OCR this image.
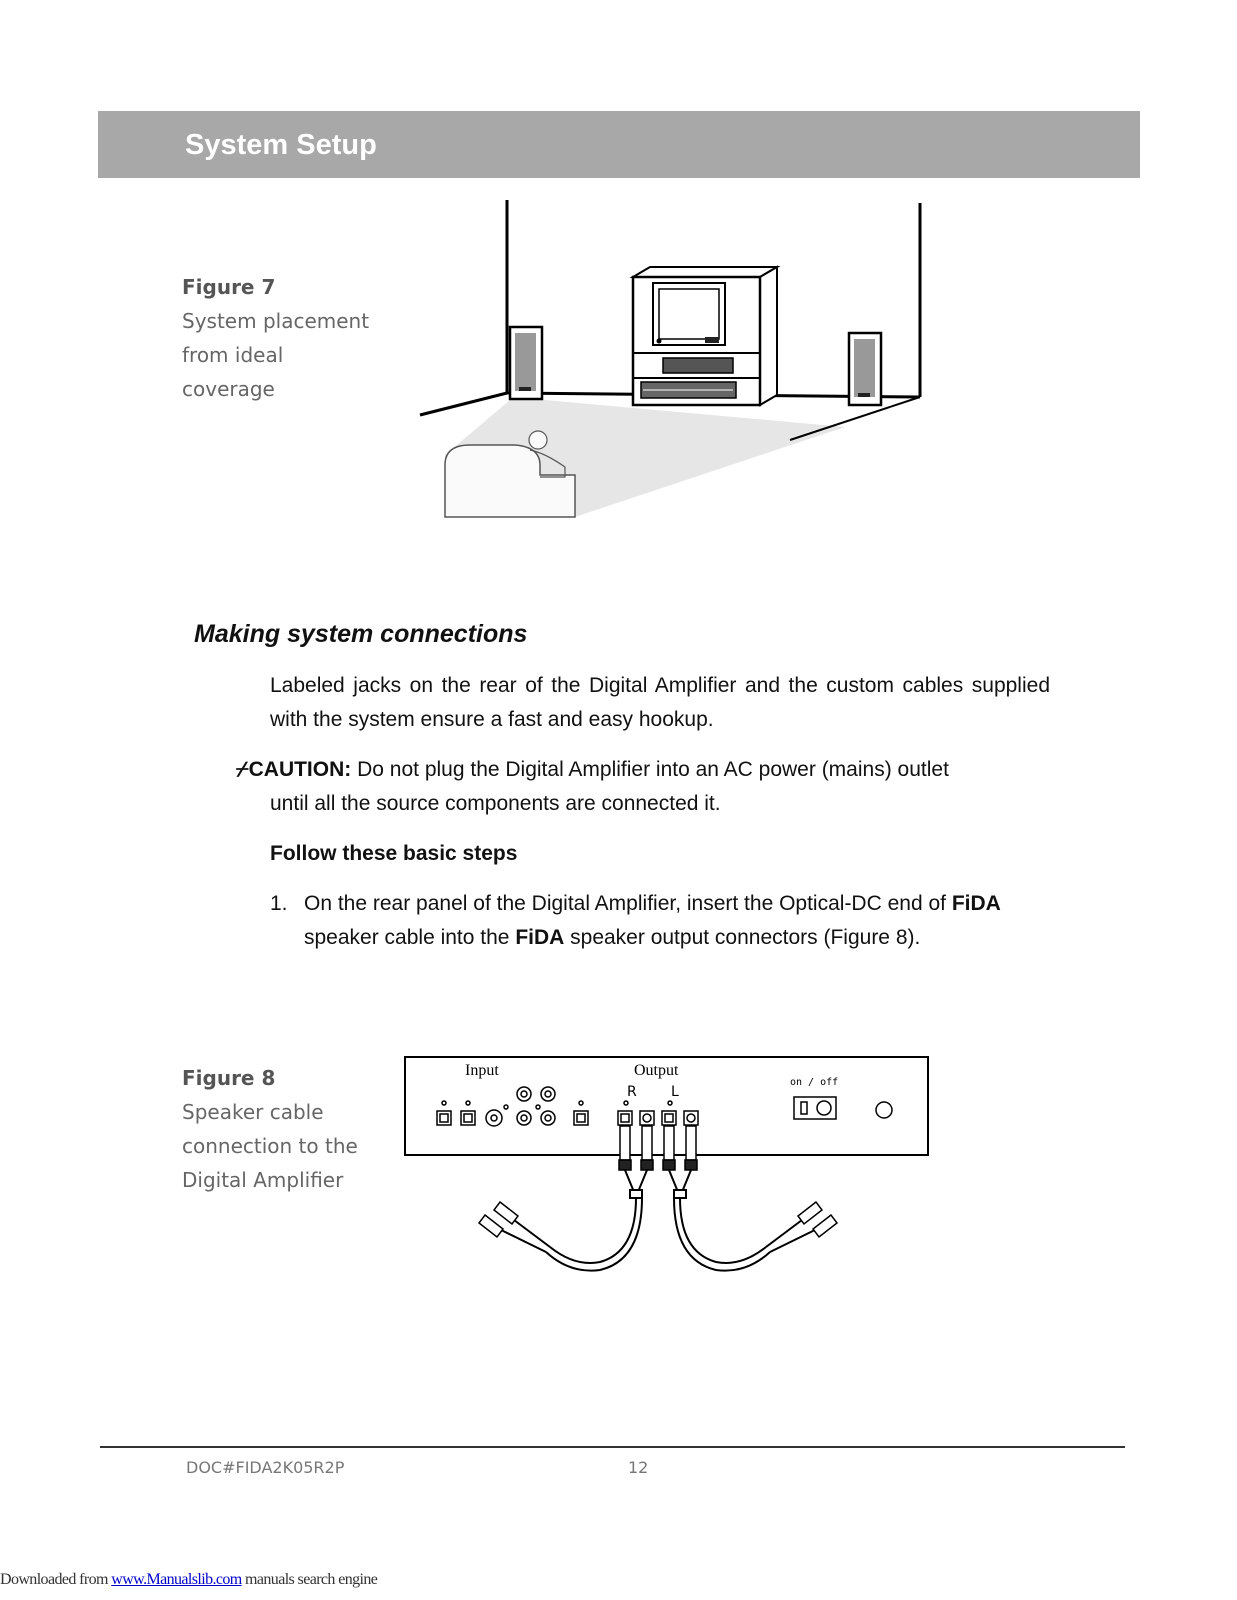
System Setup
Figure 7
System placement from ideal coverage
Making system connections
Labeled jacks on the rear of the Digital Amplifier and the custom cables supplied with the system ensure a fast and easy hookup.
⌿CAUTION: Do not plug the Digital Amplifier into an AC power (mains) outlet
until all the source components are connected it.
Follow these basic steps
1. On the rear panel of the Digital Amplifier, insert the Optical-DC end of FiDA
speaker cable into the FiDA speaker output connectors (Figure 8).
Figure 8
Speaker cable connection to the Digital Amplifier
Input	Output
R L
on / off
DOC#FIDA2K05R2P	12
Downloaded from www.Manualslib.com manuals search engine
